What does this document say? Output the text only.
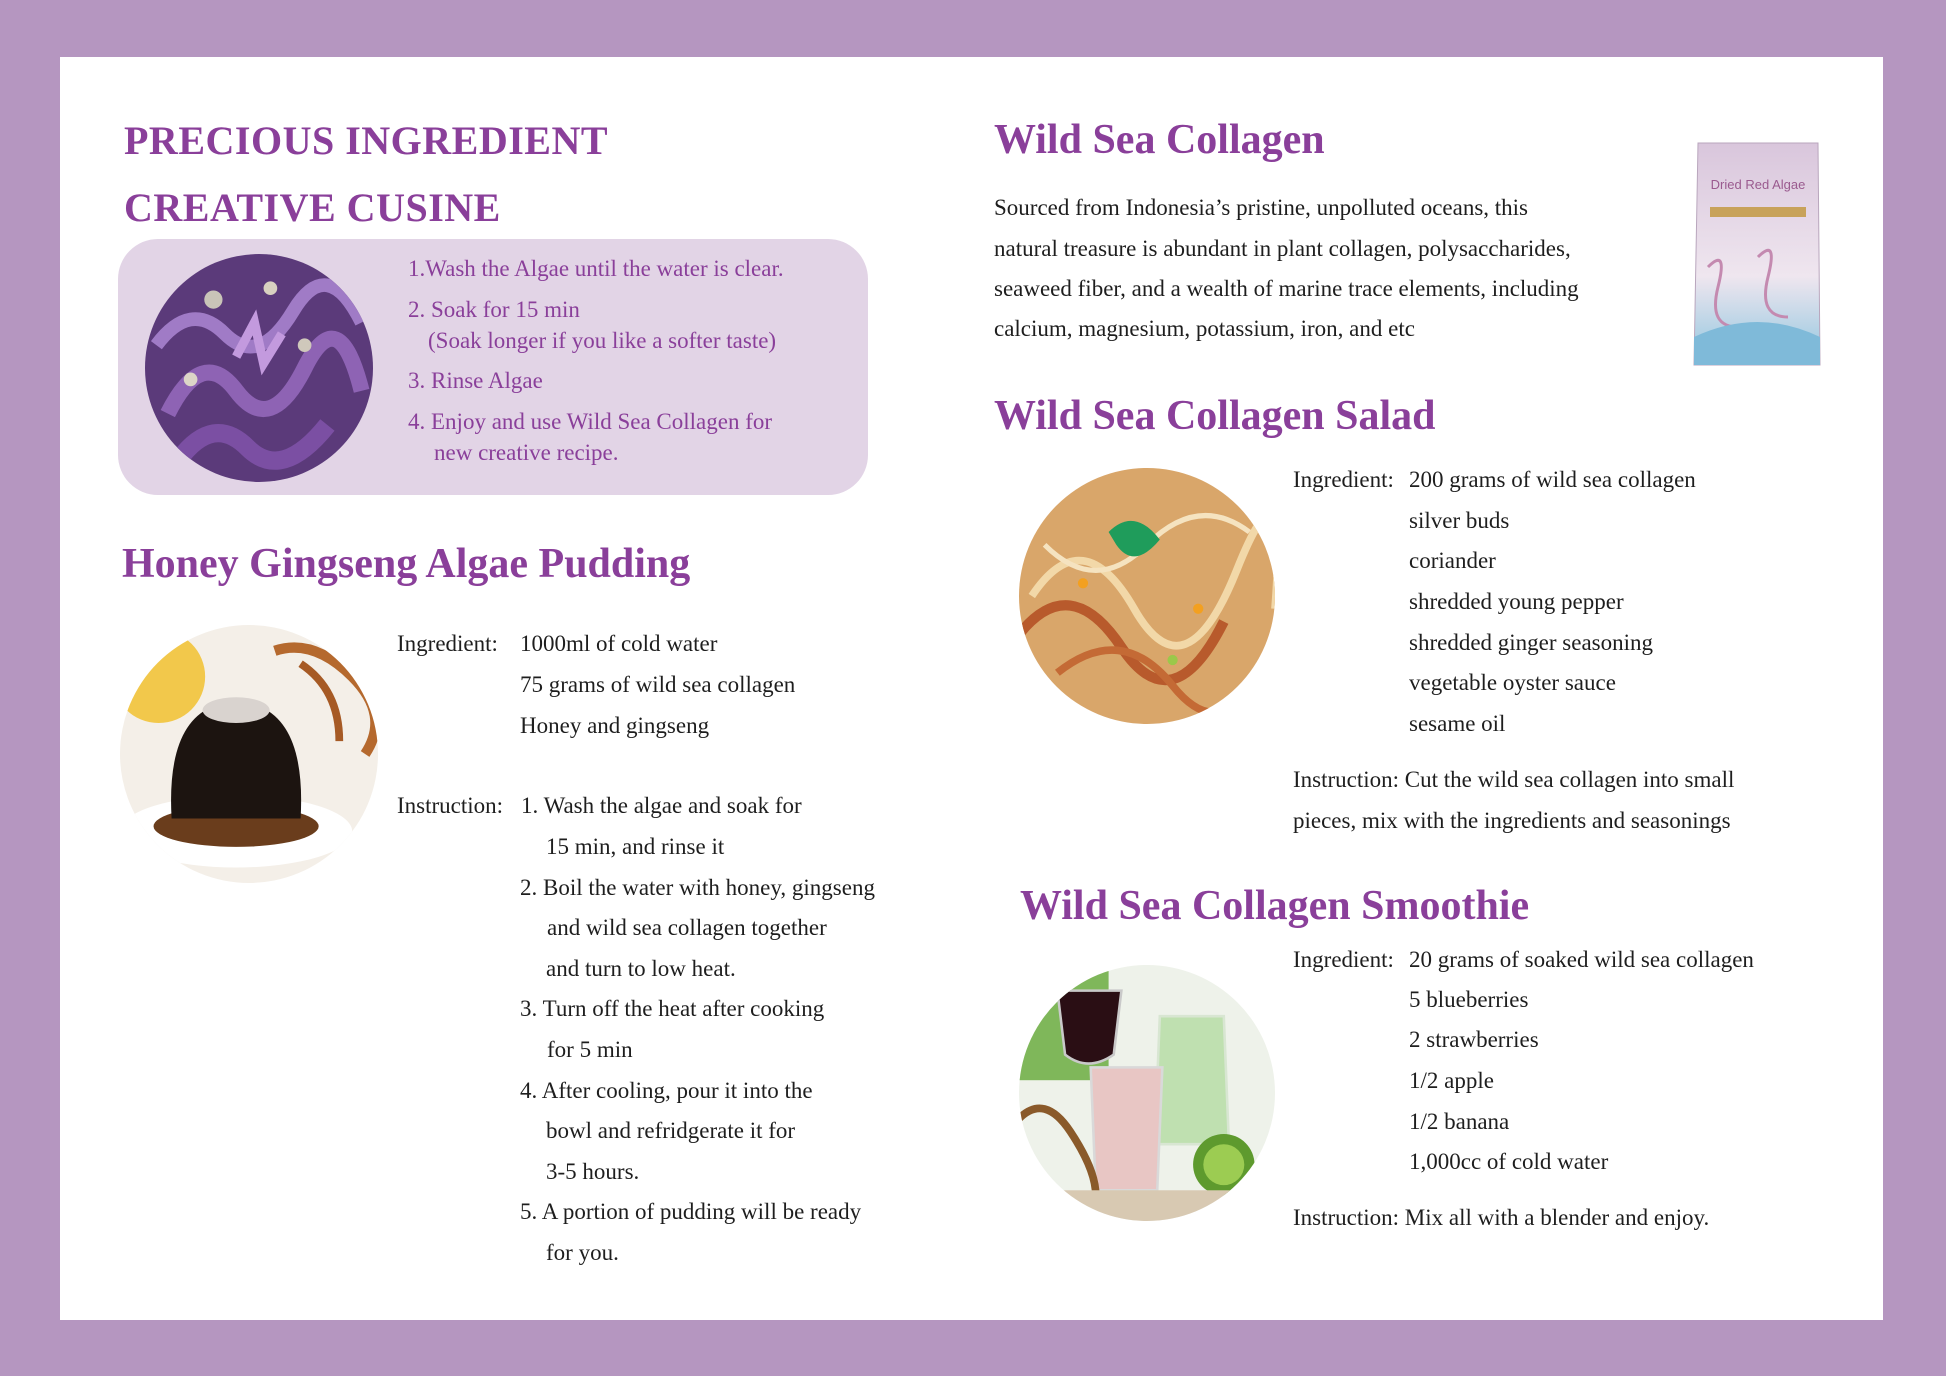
PRECIOUS INGREDIENT
CREATIVE CUSINE
1.Wash the Algae until the water is clear.
2. Soak for 15 min
(Soak longer if you like a softer taste)
3. Rinse Algae
4. Enjoy and use Wild Sea Collagen for
new creative recipe.
Honey Gingseng Algae Pudding
Ingredient: 1000ml of cold water
75 grams of wild sea collagen
Honey and gingseng
Instruction: 1. Wash the algae and soak for
15 min, and rinse it
2. Boil the water with honey, gingseng
and wild sea collagen together
and turn to low heat.
3. Turn off the heat after cooking
for 5 min
4. After cooling, pour it into the
bowl and refridgerate it for
3-5 hours.
5. A portion of pudding will be ready
for you.
Wild Sea Collagen
Sourced from Indonesia’s pristine, unpolluted oceans, this
natural treasure is abundant in plant collagen, polysaccharides,
seaweed fiber, and a wealth of marine trace elements, including
calcium, magnesium, potassium, iron, and etc
Dried Red Algae
Wild Sea Collagen Salad
Ingredient: 200 grams of wild sea collagen
silver buds
coriander
shredded young pepper
shredded ginger seasoning
vegetable oyster sauce
sesame oil
Instruction: Cut the wild sea collagen into small
pieces, mix with the ingredients and seasonings
Wild Sea Collagen Smoothie
Ingredient: 20 grams of soaked wild sea collagen
5 blueberries
2 strawberries
1/2 apple
1/2 banana
1,000cc of cold water
Instruction: Mix all with a blender and enjoy.
